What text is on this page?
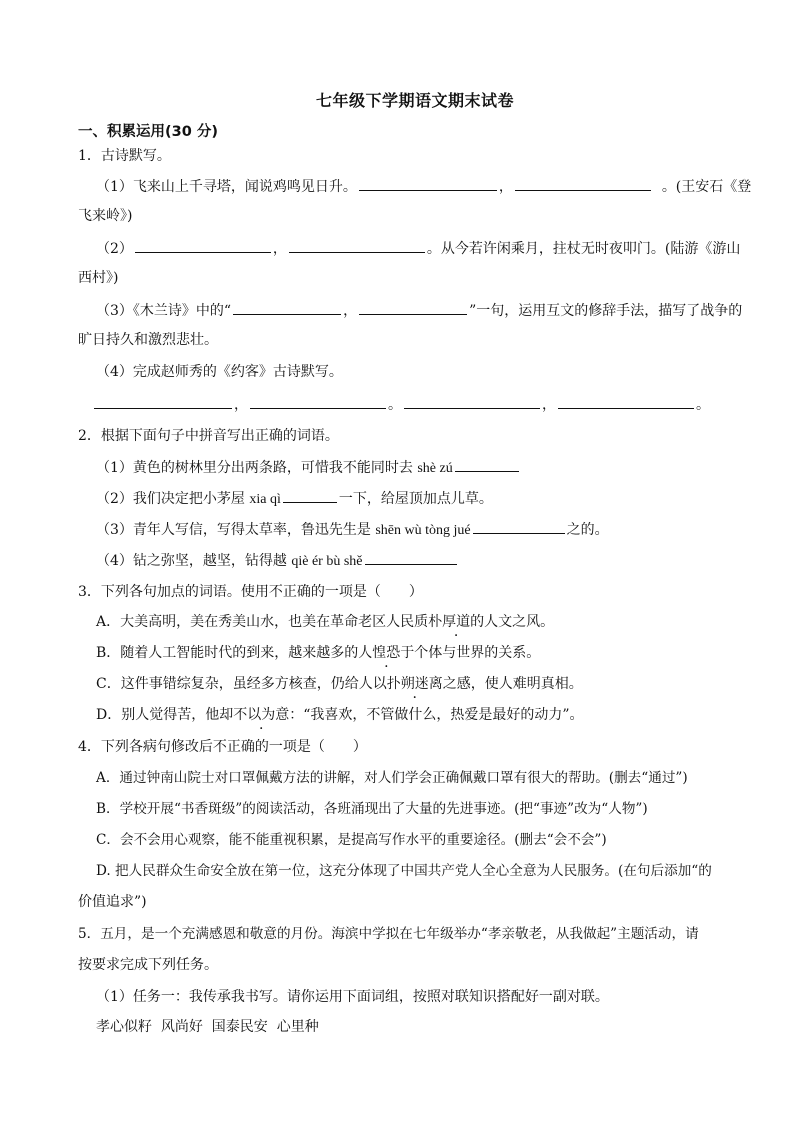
七年级下学期语文期末试卷
一、积累运用(30 分)
1．古诗默写。
（1）飞来山上千寻塔，闻说鸡鸣见日升。	，	。(王安石《登
飞来岭》)
（2）	，	。从今若许闲乘月，拄杖无时夜叩门。(陆游《游山
西村》)
（3）《木兰诗》中的“	，	”一句，运用互文的修辞手法，描写了战争的
旷日持久和激烈悲壮。
（4）完成赵师秀的《约客》古诗默写。
，	。	，	。
2．根据下面句子中拼音写出正确的词语。
（1）黄色的树林里分出两条路，可惜我不能同时去 shè zú
（2）我们决定把小茅屋 xia qì	一下，给屋顶加点儿草。
（3）青年人写信，写得太草率，鲁迅先生是 shēn wù tòng jué	之的。
（4）钻之弥坚，越坚，钻得越 qiè ér bù shě
3．下列各句加点的词语。使用不正确的一项是（　　）
A．大美高明，美在秀美山水，也美在革命老区人民质朴厚道的人文之风。
B．随着人工智能时代的到来，越来越多的人惶恐于个体与世界的关系。
C．这件事错综复杂，虽经多方核查，仍给人以扑朔迷离之感，使人难明真相。
D．别人觉得苦，他却不以为意：“我喜欢，不管做什么，热爱是最好的动力”。
4．下列各病句修改后不正确的一项是（　　）
A．通过钟南山院士对口罩佩戴方法的讲解，对人们学会正确佩戴口罩有很大的帮助。(删去“通过”)
B．学校开展“书香斑级”的阅读活动，各班涌现出了大量的先进事迹。(把“事迹”改为“人物”)
C．会不会用心观察，能不能重视积累，是提高写作水平的重要途径。(删去“会不会”)
D. 把人民群众生命安全放在第一位，这充分体现了中国共产党人全心全意为人民服务。(在句后添加“的
价值追求”)
5．五月，是一个充满感恩和敬意的月份。海滨中学拟在七年级举办“孝亲敬老，从我做起”主题活动，请
按要求完成下列任务。
（1）任务一：我传承我书写。请你运用下面词组，按照对联知识搭配好一副对联。
孝心似籽  风尚好  国泰民安  心里种
